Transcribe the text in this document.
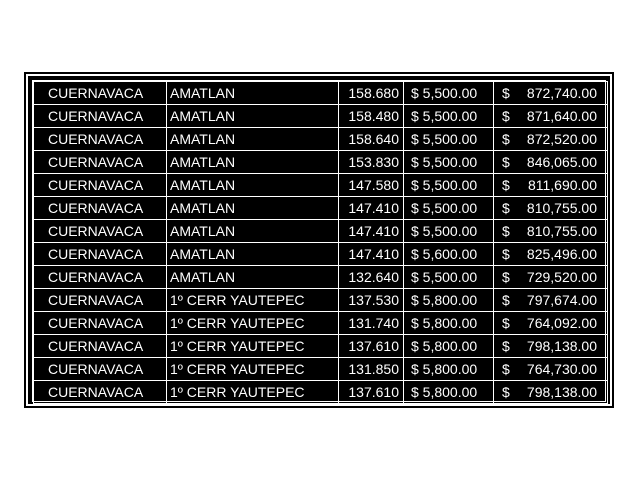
CUERNAVACA	AMATLAN	158.680	$ 5,500.00	$ 872,740.00
CUERNAVACA	AMATLAN	158.480	$ 5,500.00	$ 871,640.00
CUERNAVACA	AMATLAN	158.640	$ 5,500.00	$ 872,520.00
CUERNAVACA	AMATLAN	153.830	$ 5,500.00	$ 846,065.00
CUERNAVACA	AMATLAN	147.580	$ 5,500.00	$ 811,690.00
CUERNAVACA	AMATLAN	147.410	$ 5,500.00	$ 810,755.00
CUERNAVACA	AMATLAN	147.410	$ 5,500.00	$ 810,755.00
CUERNAVACA	AMATLAN	147.410	$ 5,600.00	$ 825,496.00
CUERNAVACA	AMATLAN	132.640	$ 5,500.00	$ 729,520.00
CUERNAVACA	1º CERR YAUTEPEC	137.530	$ 5,800.00	$ 797,674.00
CUERNAVACA	1º CERR YAUTEPEC	131.740	$ 5,800.00	$ 764,092.00
CUERNAVACA	1º CERR YAUTEPEC	137.610	$ 5,800.00	$ 798,138.00
CUERNAVACA	1º CERR YAUTEPEC	131.850	$ 5,800.00	$ 764,730.00
CUERNAVACA	1º CERR YAUTEPEC	137.610	$ 5,800.00	$ 798,138.00
